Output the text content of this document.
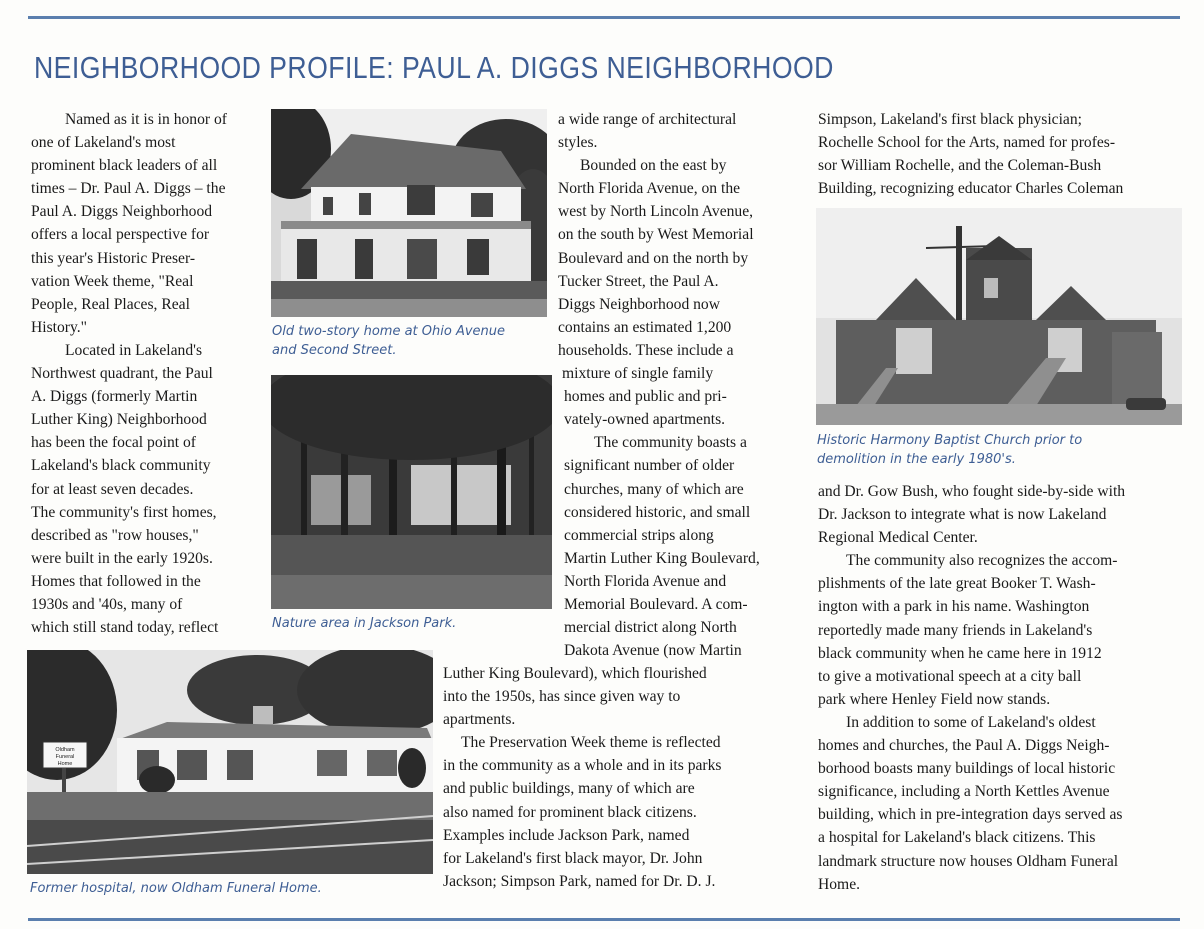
NEIGHBORHOOD PROFILE: PAUL A. DIGGS NEIGHBORHOOD

Named as it is in honor of

one of Lakeland's most

prominent black leaders of all

times – Dr. Paul A. Diggs – the

Paul A. Diggs Neighborhood

offers a local perspective for

this year's Historic Preser-

vation Week theme, "Real

People, Real Places, Real

History."

Located in Lakeland's

Northwest quadrant, the Paul

A. Diggs (formerly Martin

Luther King) Neighborhood

has been the focal point of

Lakeland's black community

for at least seven decades.

The community's first homes,

described as "row houses,"

were built in the early 1920s.

Homes that followed in the

1930s and '40s, many of

which still stand today, reflect

Old two-story home at Ohio Avenue
and Second Street.
Nature area in Jackson Park.

a wide range of architectural

styles.

Bounded on the east by

North Florida Avenue, on the

west by North Lincoln Avenue,

on the south by West Memorial

Boulevard and on the north by

Tucker Street, the Paul A.

Diggs Neighborhood now

contains an estimated 1,200

households. These include a

mixture of single family

homes and public and pri-

vately-owned apartments.

The community boasts a

significant number of older

churches, many of which are

considered historic, and small

commercial strips along

Martin Luther King Boulevard,

North Florida Avenue and

Memorial Boulevard. A com-

mercial district along North

Dakota Avenue (now Martin

Oldham
Funeral
Home
Former hospital, now Oldham Funeral Home.

Luther King Boulevard), which flourished

into the 1950s, has since given way to

apartments.

The Preservation Week theme is reflected

in the community as a whole and in its parks

and public buildings, many of which are

also named for prominent black citizens.

Examples include Jackson Park, named

for Lakeland's first black mayor, Dr. John

Jackson; Simpson Park, named for Dr. D. J.

Simpson, Lakeland's first black physician;

Rochelle School for the Arts, named for profes-

sor William Rochelle, and the Coleman-Bush

Building, recognizing educator Charles Coleman

Historic Harmony Baptist Church prior to
demolition in the early 1980's.

and Dr. Gow Bush, who fought side-by-side with

Dr. Jackson to integrate what is now Lakeland

Regional Medical Center.

The community also recognizes the accom-

plishments of the late great Booker T. Wash-

ington with a park in his name. Washington

reportedly made many friends in Lakeland's

black community when he came here in 1912

to give a motivational speech at a city ball

park where Henley Field now stands.

In addition to some of Lakeland's oldest

homes and churches, the Paul A. Diggs Neigh-

borhood boasts many buildings of local historic

significance, including a North Kettles Avenue

building, which in pre-integration days served as

a hospital for Lakeland's black citizens. This

landmark structure now houses Oldham Funeral

Home.
